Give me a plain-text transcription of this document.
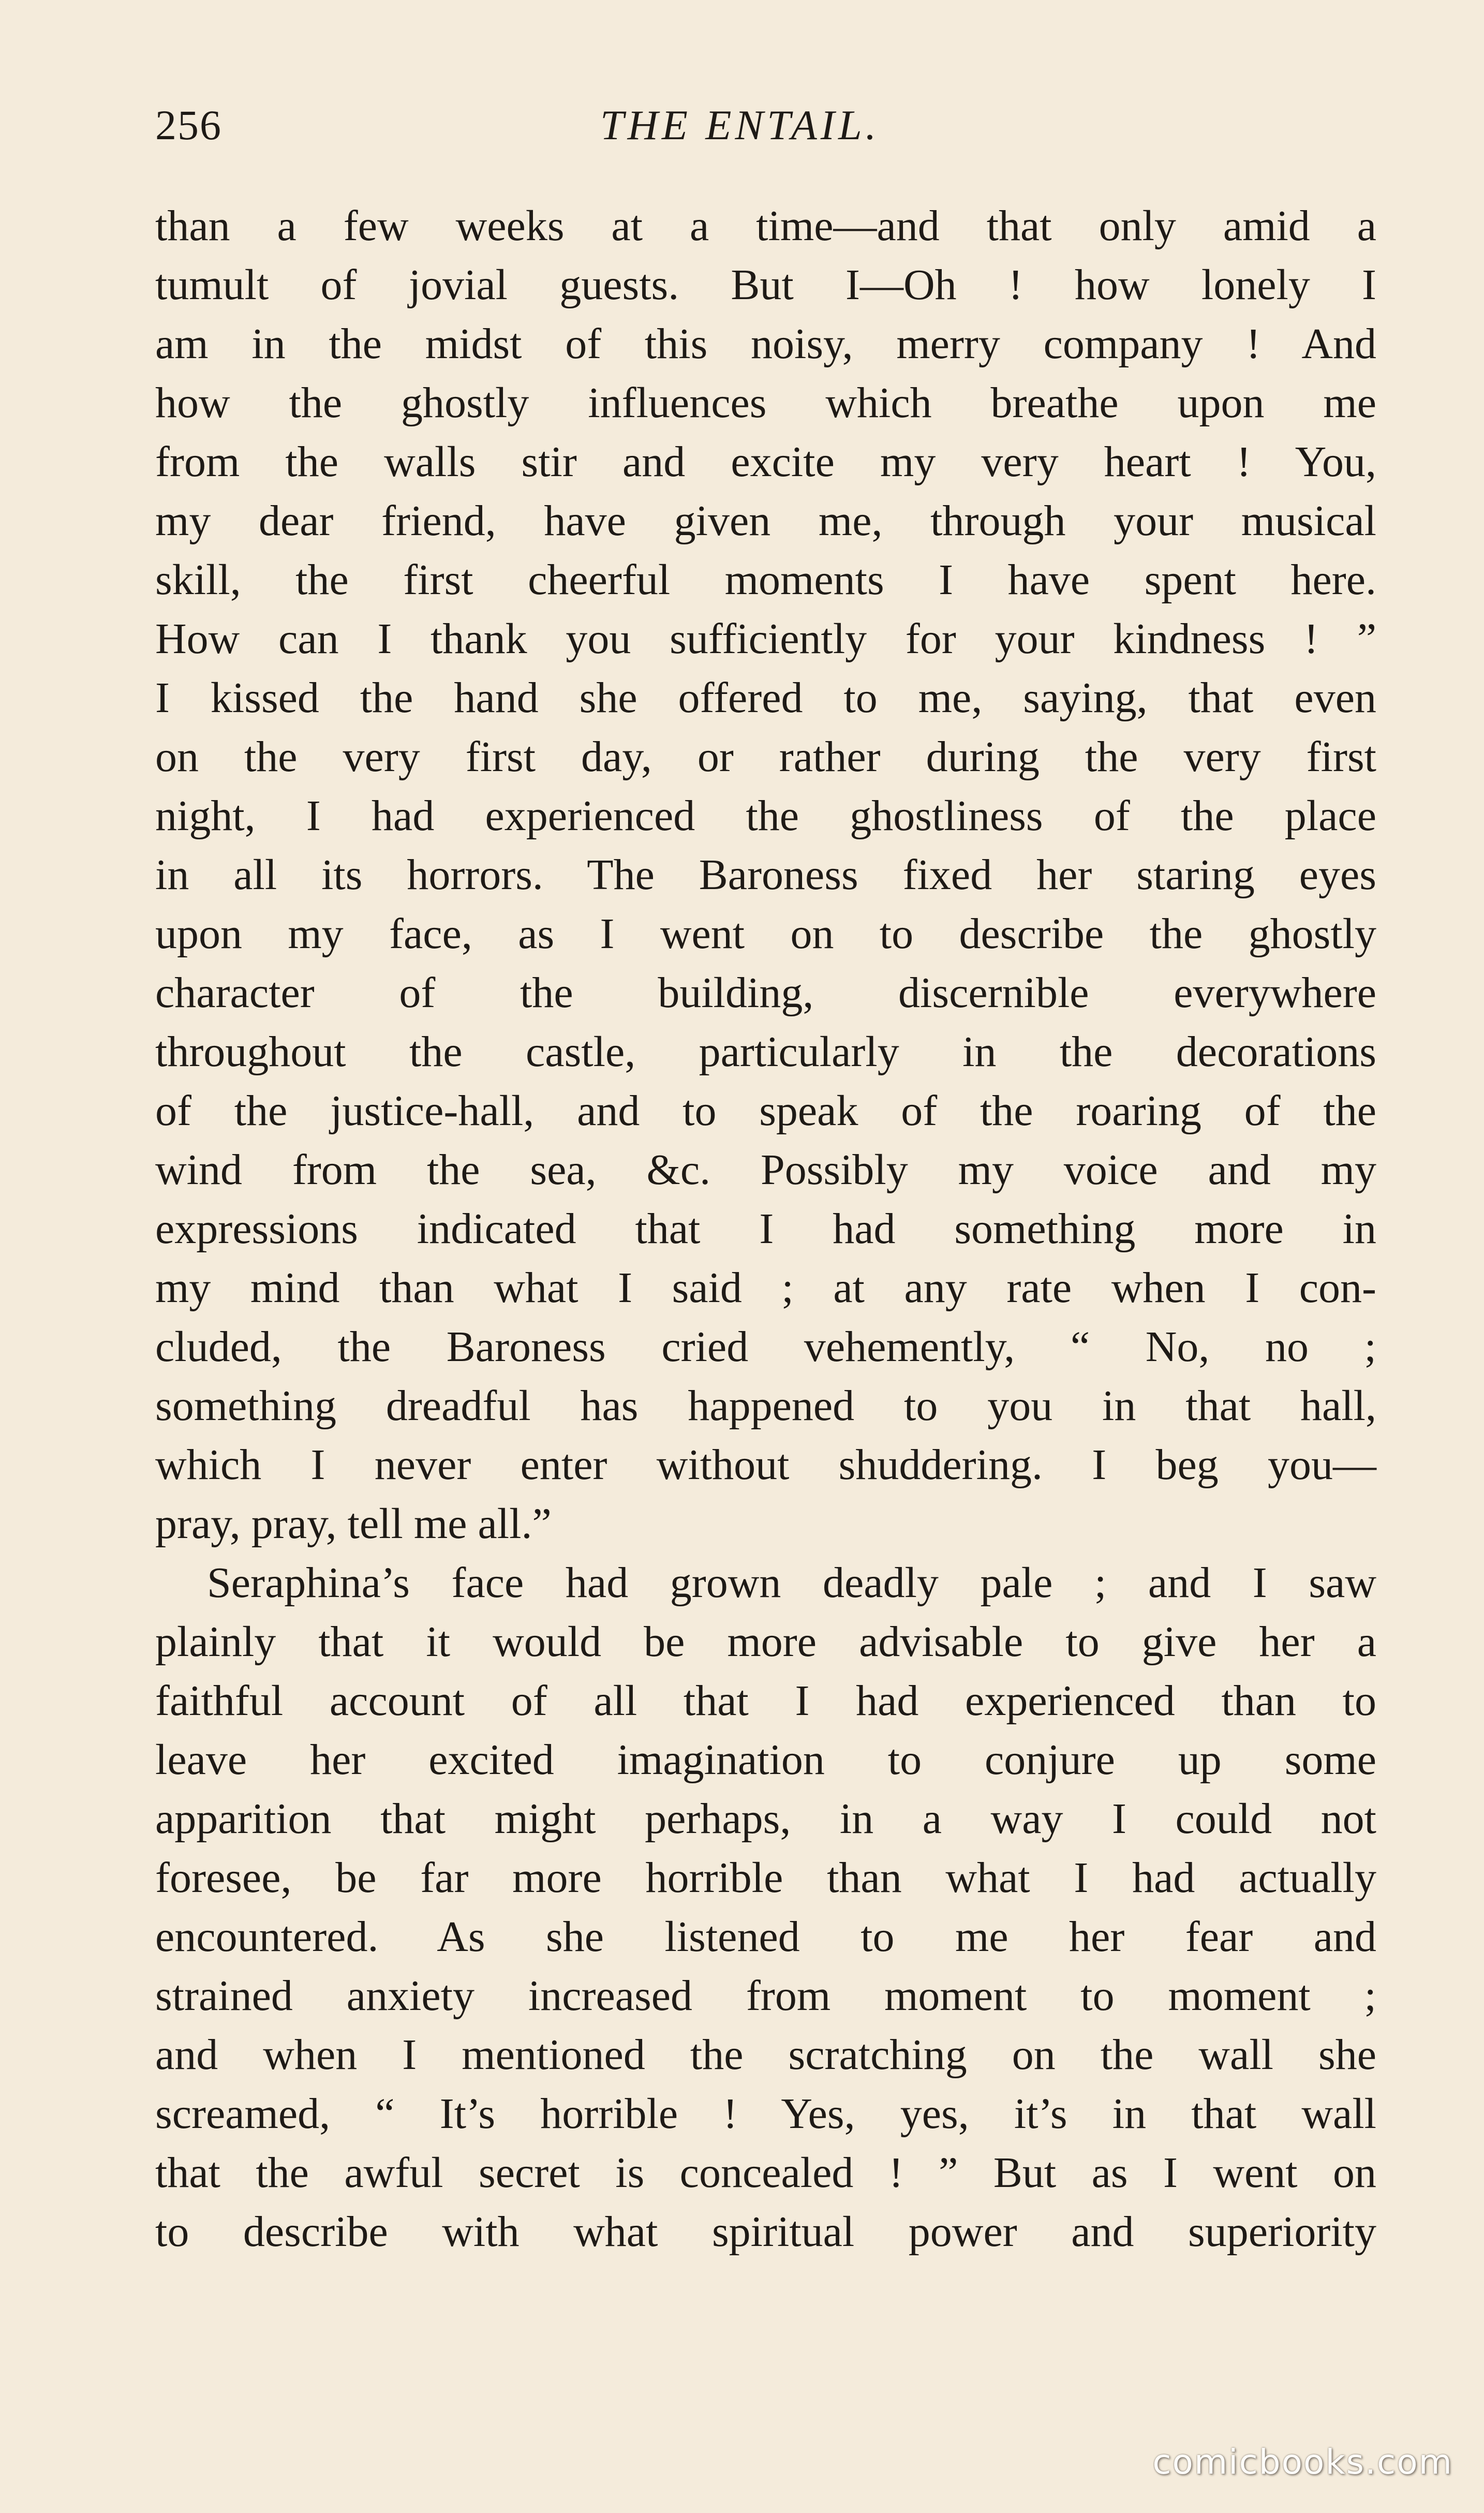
256	THE ENTAIL.
than a few weeks at a time—and that only amid a
tumult of jovial guests. But I—Oh ! how lonely I
am in the midst of this noisy, merry company ! And
how the ghostly influences which breathe upon me
from the walls stir and excite my very heart ! You,
my dear friend, have given me, through your musical
skill, the first cheerful moments I have spent here.
How can I thank you sufficiently for your kindness ! ”
I kissed the hand she offered to me, saying, that even
on the very first day, or rather during the very first
night, I had experienced the ghostliness of the place
in all its horrors. The Baroness fixed her staring eyes
upon my face, as I went on to describe the ghostly
character of the building, discernible everywhere
throughout the castle, particularly in the decorations
of the justice-hall, and to speak of the roaring of the
wind from the sea, &c. Possibly my voice and my
expressions indicated that I had something more in
my mind than what I said ; at any rate when I con-
cluded, the Baroness cried vehemently, “ No, no ;
something dreadful has happened to you in that hall,
which I never enter without shuddering. I beg you—
pray, pray, tell me all.”
Seraphina’s face had grown deadly pale ; and I saw
plainly that it would be more advisable to give her a
faithful account of all that I had experienced than to
leave her excited imagination to conjure up some
apparition that might perhaps, in a way I could not
foresee, be far more horrible than what I had actually
encountered. As she listened to me her fear and
strained anxiety increased from moment to moment ;
and when I mentioned the scratching on the wall she
screamed, “ It’s horrible ! Yes, yes, it’s in that wall
that the awful secret is concealed ! ” But as I went on
to describe with what spiritual power and superiority
comicbooks.com
